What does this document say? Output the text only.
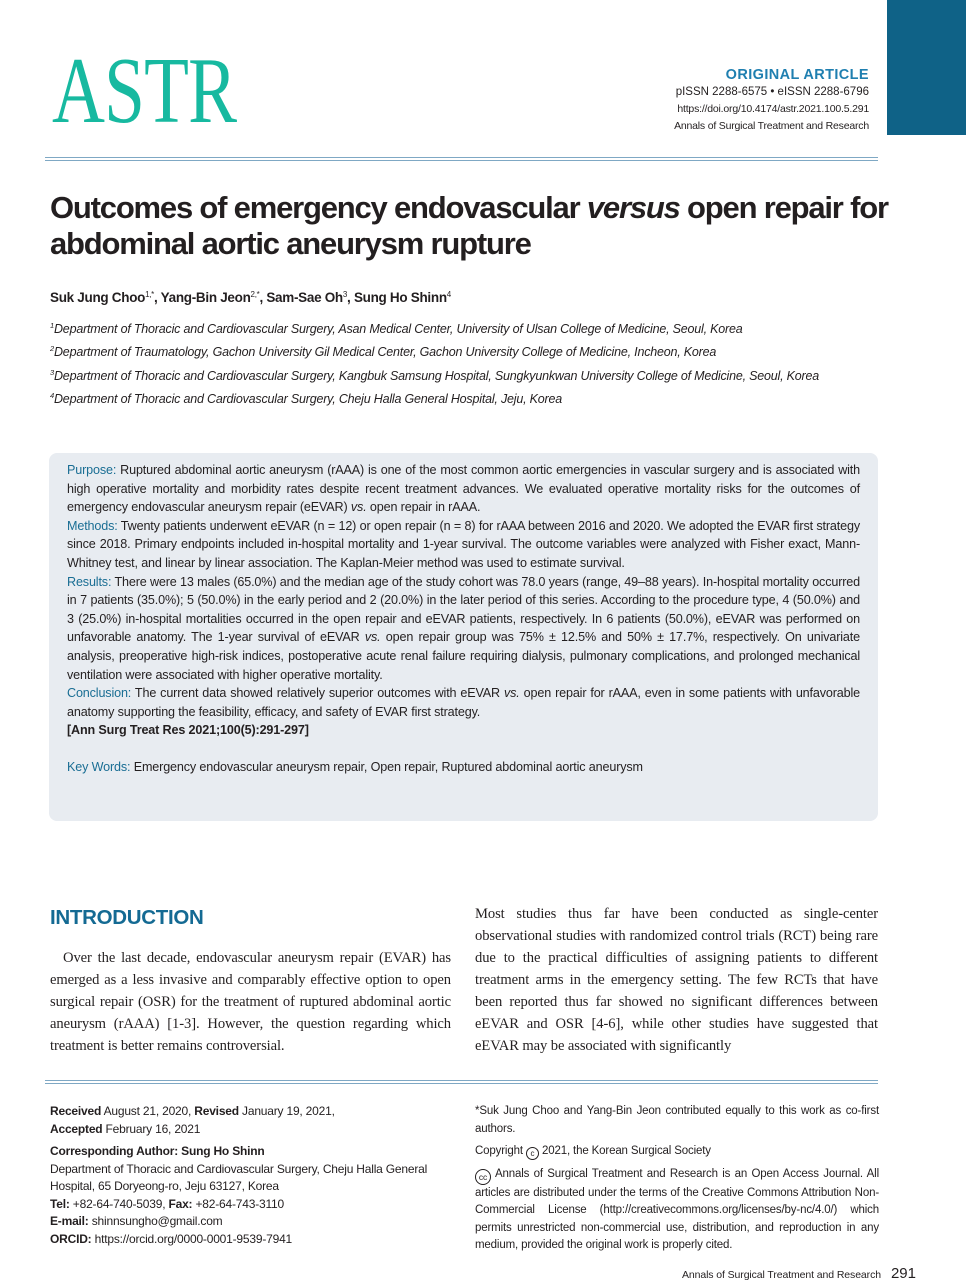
ASTR	ORIGINAL ARTICLE
pISSN 2288-6575 • eISSN 2288-6796
https://doi.org/10.4174/astr.2021.100.5.291
Annals of Surgical Treatment and Research
Outcomes of emergency endovascular versus open repair for abdominal aortic aneurysm rupture
Suk Jung Choo$^{1,*}$, Yang-Bin Jeon$^{2,*}$, Sam-Sae Oh$^3$, Sung Ho Shinn$^4$
$^1$Department of Thoracic and Cardiovascular Surgery, Asan Medical Center, University of Ulsan College of Medicine, Seoul, Korea
$^2$Department of Traumatology, Gachon University Gil Medical Center, Gachon University College of Medicine, Incheon, Korea
$^3$Department of Thoracic and Cardiovascular Surgery, Kangbuk Samsung Hospital, Sungkyunkwan University College of Medicine, Seoul, Korea
$^4$Department of Thoracic and Cardiovascular Surgery, Cheju Halla General Hospital, Jeju, Korea

Purpose: Ruptured abdominal aortic aneurysm (rAAA) is one of the most common aortic emergencies in vascular surgery and is associated with high operative mortality and morbidity rates despite recent treatment advances. We evaluated operative mortality risks for the outcomes of emergency endovascular aneurysm repair (eEVAR) vs. open repair in rAAA.

Methods: Twenty patients underwent eEVAR (n = 12) or open repair (n = 8) for rAAA between 2016 and 2020. We adopted the EVAR first strategy since 2018. Primary endpoints included in-hospital mortality and 1-year survival. The outcome variables were analyzed with Fisher exact, Mann-Whitney test, and linear by linear association. The Kaplan-Meier method was used to estimate survival.

Results: There were 13 males (65.0%) and the median age of the study cohort was 78.0 years (range, 49–88 years). In-hospital mortality occurred in 7 patients (35.0%); 5 (50.0%) in the early period and 2 (20.0%) in the later period of this series. According to the procedure type, 4 (50.0%) and 3 (25.0%) in-hospital mortalities occurred in the open repair and eEVAR patients, respectively. In 6 patients (50.0%), eEVAR was performed on unfavorable anatomy. The 1-year survival of eEVAR vs. open repair group was 75% ± 12.5% and 50% ± 17.7%, respectively. On univariate analysis, preoperative high-risk indices, postoperative acute renal failure requiring dialysis, pulmonary complications, and prolonged mechanical ventilation were associated with higher operative mortality.

Conclusion: The current data showed relatively superior outcomes with eEVAR vs. open repair for rAAA, even in some patients with unfavorable anatomy supporting the feasibility, efficacy, and safety of EVAR first strategy.

[Ann Surg Treat Res 2021;100(5):291-297]

Key Words: Emergency endovascular aneurysm repair, Open repair, Ruptured abdominal aortic aneurysm

INTRODUCTION

Over the last decade, endovascular aneurysm repair (EVAR) has emerged as a less invasive and comparably effective option to open surgical repair (OSR) for the treatment of ruptured abdominal aortic aneurysm (rAAA) [1-3]. However, the question regarding which treatment is better remains controversial.

Most studies thus far have been conducted as single-center observational studies with randomized control trials (RCT) being rare due to the practical difficulties of assigning patients to different treatment arms in the emergency setting. The few RCTs that have been reported thus far showed no significant differences between eEVAR and OSR [4-6], while other studies have suggested that eEVAR may be associated with significantly

Received August 21, 2020, Revised January 19, 2021,
Accepted February 16, 2021
Corresponding Author: Sung Ho Shinn
Department of Thoracic and Cardiovascular Surgery, Cheju Halla General Hospital, 65 Doryeong-ro, Jeju 63127, Korea
Tel: +82-64-740-5039, Fax: +82-64-743-3110
E-mail: shinnsungho@gmail.com
ORCID: https://orcid.org/0000-0001-9539-7941
*Suk Jung Choo and Yang-Bin Jeon contributed equally to this work as co-first authors.
Copyright c 2021, the Korean Surgical Society
cc Annals of Surgical Treatment and Research is an Open Access Journal. All articles are distributed under the terms of the Creative Commons Attribution Non-Commercial License (http://creativecommons.org/licenses/by-nc/4.0/) which permits unrestricted non-commercial use, distribution, and reproduction in any medium, provided the original work is properly cited.
Annals of Surgical Treatment and Research 291
